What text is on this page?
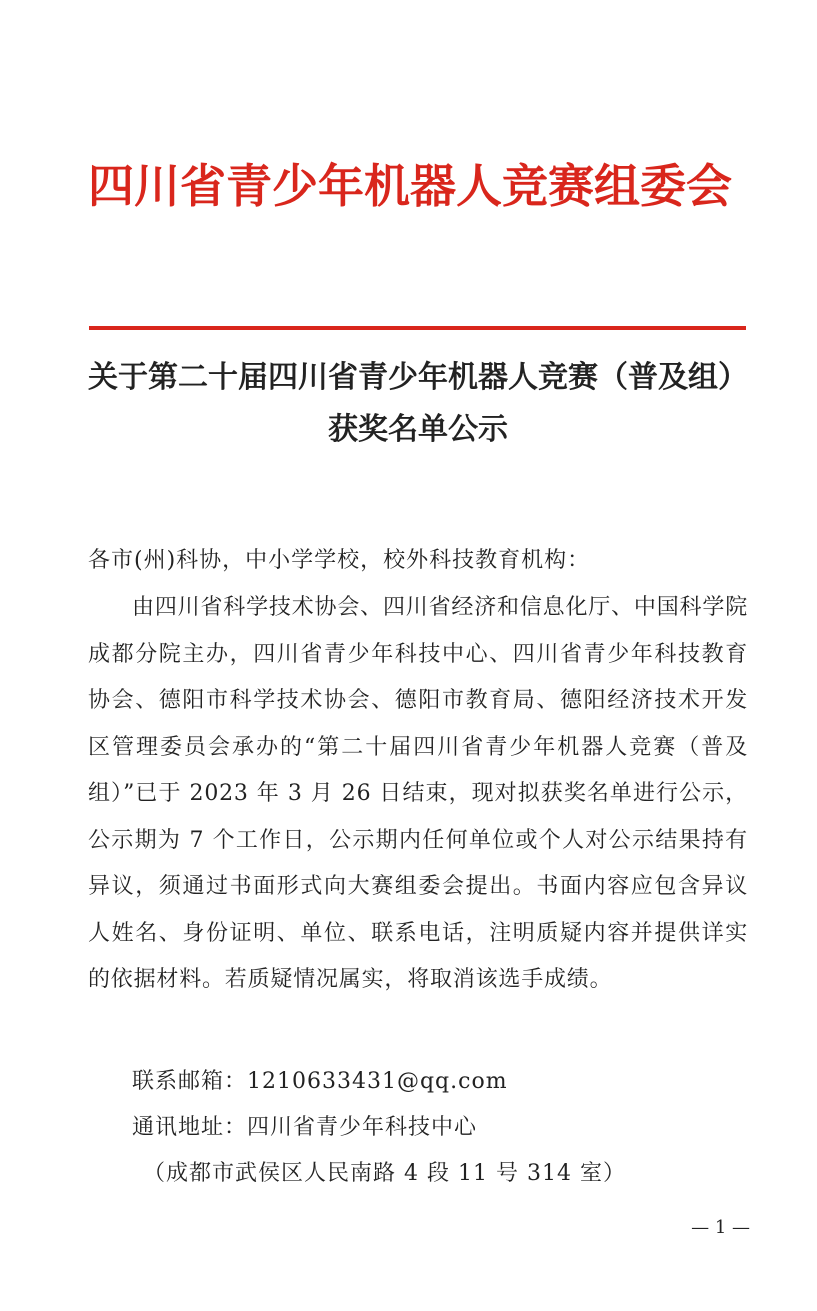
四川省青少年机器人竞赛组委会
关于第二十届四川省青少年机器人竞赛（普及组）获奖名单公示

各市(州)科协，中小学学校，校外科技教育机构：

由四川省科学技术协会、四川省经济和信息化厅、中国科学院成都分院主办，四川省青少年科技中心、四川省青少年科技教育协会、德阳市科学技术协会、德阳市教育局、德阳经济技术开发区管理委员会承办的“第二十届四川省青少年机器人竞赛（普及组）”已于 2023 年 3 月 26 日结束，现对拟获奖名单进行公示，公示期为 7 个工作日，公示期内任何单位或个人对公示结果持有异议，须通过书面形式向大赛组委会提出。书面内容应包含异议人姓名、身份证明、单位、联系电话，注明质疑内容并提供详实的依据材料。若质疑情况属实，将取消该选手成绩。

联系邮箱：1210633431@qq.com

通讯地址：四川省青少年科技中心

（成都市武侯区人民南路 4 段 11 号 314 室）

— 1 —
